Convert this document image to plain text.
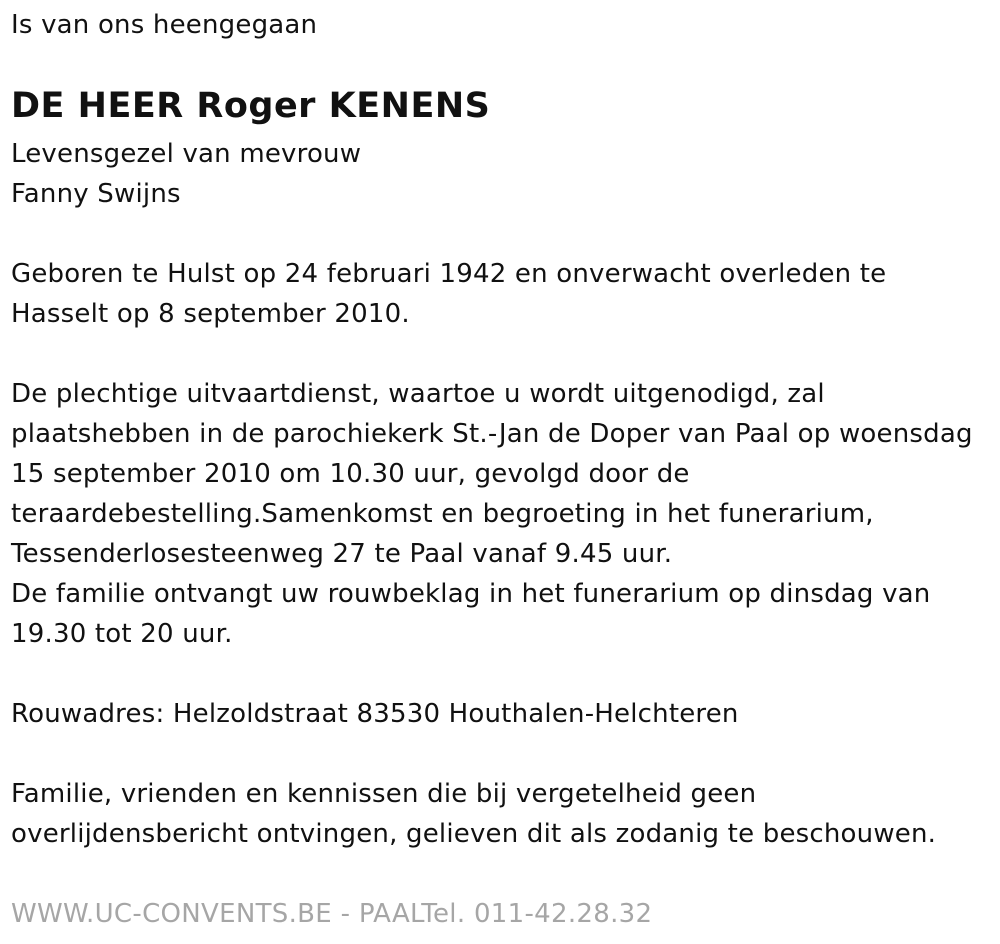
Is van ons heengegaan
DE HEER Roger KENENS
Levensgezel van mevrouw
Fanny Swijns
Geboren te Hulst op 24 februari 1942 en onverwacht overleden te
Hasselt op 8 september 2010.
De plechtige uitvaartdienst, waartoe u wordt uitgenodigd, zal
plaatshebben in de parochiekerk St.-Jan de Doper van Paal op woensdag
15 september 2010 om 10.30 uur, gevolgd door de
teraardebestelling.Samenkomst en begroeting in het funerarium,
Tessenderlosesteenweg 27 te Paal vanaf 9.45 uur.
De familie ontvangt uw rouwbeklag in het funerarium op dinsdag van
19.30 tot 20 uur.
Rouwadres: Helzoldstraat 83530 Houthalen-Helchteren
Familie, vrienden en kennissen die bij vergetelheid geen
overlijdensbericht ontvingen, gelieven dit als zodanig te beschouwen.
WWW.UC-CONVENTS.BE - PAALTel. 011-42.28.32
